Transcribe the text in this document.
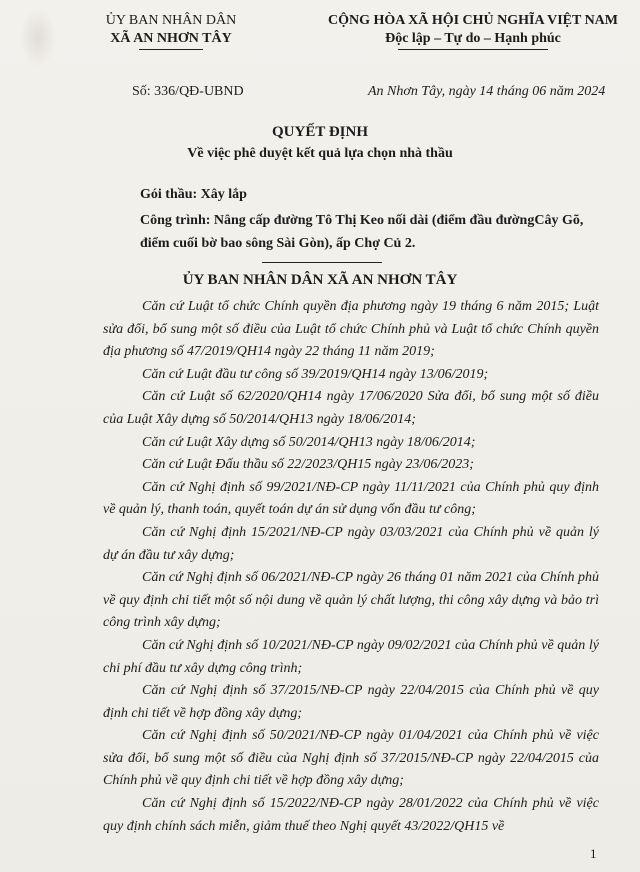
ỦY BAN NHÂN DÂN
XÃ AN NHƠN TÂY
CỘNG HÒA XÃ HỘI CHỦ NGHĨA VIỆT NAM
Độc lập – Tự do – Hạnh phúc
Số: 336/QĐ-UBND	An Nhơn Tây, ngày 14 tháng 06 năm 2024
QUYẾT ĐỊNH
Về việc phê duyệt kết quả lựa chọn nhà thầu
Gói thầu: Xây lắp
Công trình: Nâng cấp đường Tô Thị Keo nối dài (điểm đầu đườngCây Gõ, điểm cuối bờ bao sông Sài Gòn), ấp Chợ Củ 2.
ỦY BAN NHÂN DÂN XÃ AN NHƠN TÂY

Căn cứ Luật tổ chức Chính quyền địa phương ngày 19 tháng 6 năm 2015; Luật sửa đổi, bổ sung một số điều của Luật tổ chức Chính phủ và Luật tổ chức Chính quyền địa phương số 47/2019/QH14 ngày 22 tháng 11 năm 2019;

Căn cứ Luật đầu tư công số 39/2019/QH14 ngày 13/06/2019;

Căn cứ Luật số 62/2020/QH14 ngày 17/06/2020 Sửa đổi, bổ sung một số điều của Luật Xây dựng số 50/2014/QH13 ngày 18/06/2014;

Căn cứ Luật Xây dựng số 50/2014/QH13 ngày 18/06/2014;

Căn cứ Luật Đấu thầu số 22/2023/QH15 ngày 23/06/2023;

Căn cứ Nghị định số 99/2021/NĐ-CP ngày 11/11/2021 của Chính phủ quy định về quản lý, thanh toán, quyết toán dự án sử dụng vốn đầu tư công;

Căn cứ Nghị định 15/2021/NĐ-CP ngày 03/03/2021 của Chính phủ về quản lý dự án đầu tư xây dựng;

Căn cứ Nghị định số 06/2021/NĐ-CP ngày 26 tháng 01 năm 2021 của Chính phủ về quy định chi tiết một số nội dung về quản lý chất lượng, thi công xây dựng và bảo trì công trình xây dựng;

Căn cứ Nghị định số 10/2021/NĐ-CP ngày 09/02/2021 của Chính phủ về quản lý chi phí đầu tư xây dựng công trình;

Căn cứ Nghị định số 37/2015/NĐ-CP ngày 22/04/2015 của Chính phủ về quy định chi tiết về hợp đồng xây dựng;

Căn cứ Nghị định số 50/2021/NĐ-CP ngày 01/04/2021 của Chính phủ về việc sửa đổi, bổ sung một số điều của Nghị định số 37/2015/NĐ-CP ngày 22/04/2015 của Chính phủ về quy định chi tiết về hợp đồng xây dựng;

Căn cứ Nghị định số 15/2022/NĐ-CP ngày 28/01/2022 của Chính phủ về việc quy định chính sách miễn, giảm thuế theo Nghị quyết 43/2022/QH15 về

1
